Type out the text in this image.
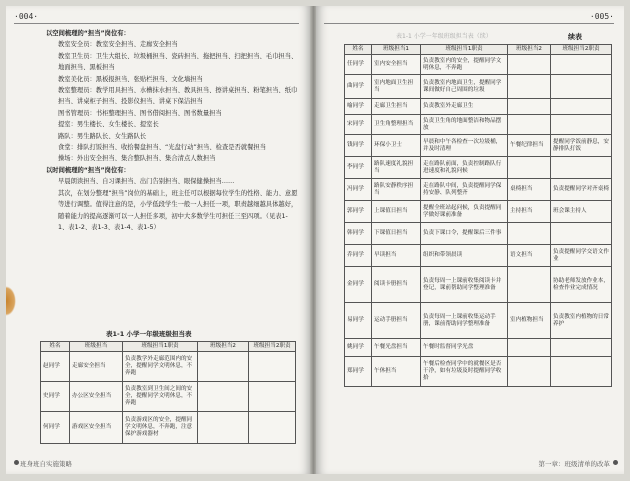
·004·

以空间梳理的“担当”岗位有：

教室安全员：教室安全担当、走廊安全担当

教室卫生员：卫生大组长、垃圾桶担当、瓷砖担当、拖把担当、扫把担当、毛巾担当、地面担当、黑板担当

教室美化员：黑板报担当、张贴栏担当、文化墙担当

教室整理员：教学用具担当、水槽抹水担当、教具担当、擦讲桌担当、粉笔担当、纸巾担当、讲桌柜子担当、投影仪担当、讲桌下保洁担当

图书管理员：书柜整理担当、图书借阅担当、图书数量担当

提室：男生楼长、女生楼长、提室长

路队：男生路队长、女生路队长

食堂：排队打饭担当、收拾餐盘担当、“光盘行动”担当、检查是否就餐担当

操场：外出安全担当、集合整队担当、集合清点人数担当

以时间梳理的“担当”岗位有：

早晨朗读担当、自习课担当、出门告别担当、眼保健操担当……

其次，在划分整理“担当”岗位的基础上，班主任可以根据每位学生的性格、能力、意愿等进行调整。值得注意的是，小学低段学生一般一人担任一项，职责越细越具体越好，随着能力的提高逐渐可以一人担任多项，初中大多数学生可担任三至四项。（见表1-1、表1-2、表1-3、表1-4、表1-5）

表1-1 小学一年级班级担当表
姓名	班级担当	班级担当1职责	班级担当2	班级担当2职责
赵同学	走廊安全担当	负责教学外走廊范围内的安全，提醒同学文明休息，不奔跑		
史同学	办公区安全担当	负责教室到卫生间之间的安全，提醒同学文明休息，不奔跑		
何同学	游戏区安全担当	负责游戏区的安全，提醒同学文明休息，不奔跑，注意保护游戏器材		
班身班自实施策略
·005·
表1-1 小学一年级班级担当表（续）	续表
姓名	班级担当1	班级担当1职责	班级担当2	班级担当2职责
任同学	室内安全担当	负责教室内的安全，提醒同学文明休息，不奔跑		
曲同学	室内地面卫生担当	负责教室内地面卫生，提醒同学课间做好自己周围的垃圾		
喻同学	走廊卫生担当	负责教室外走廊卫生		
宋同学	卫生角整理担当	负责卫生角的地面整洁和物品摆放		
钱同学	环保小卫士	早晨和中午各检查一次垃圾桶，并及时清理	午餐纪律担当	提醒同学饭前静息，安静排队打饭
李同学	路队速度礼貌担当	走在路队前面，负责控制路队行进速度和礼貌问候		
冯同学	路队安静秩序担当	走在路队中间，负责提醒同学保持安静、队列整齐	桌椅担当	负责提醒同学对齐桌椅
郭同学	上课值日担当	提醒全班站起问候，负责提醒同学做好课前准备	主持担当	班会课主持人
韩同学	下课值日担当	负责下课口令，提醒课后三件事		
乔同学	早读担当	组织和带领晨读	语文担当	负责提醒同学交语文作业
金同学	阅读卡册担当	负责每周一上课前收集阅读卡并登记，课前帮助同学整理准备		协助老师发放作业本，检查作业完成情况
易同学	运动手册担当	负责每周一上课前收集运动手册，课前帮助同学整理准备	室内植物担当	负责教室内植物的日常养护
姚同学	午餐光盘担当	午餐时监督同学光盘		
郑同学	午休担当	午餐后检查同学中的就餐区是否干净，如有垃圾及时提醒同学收拾		
第一章：班级清单的改革
